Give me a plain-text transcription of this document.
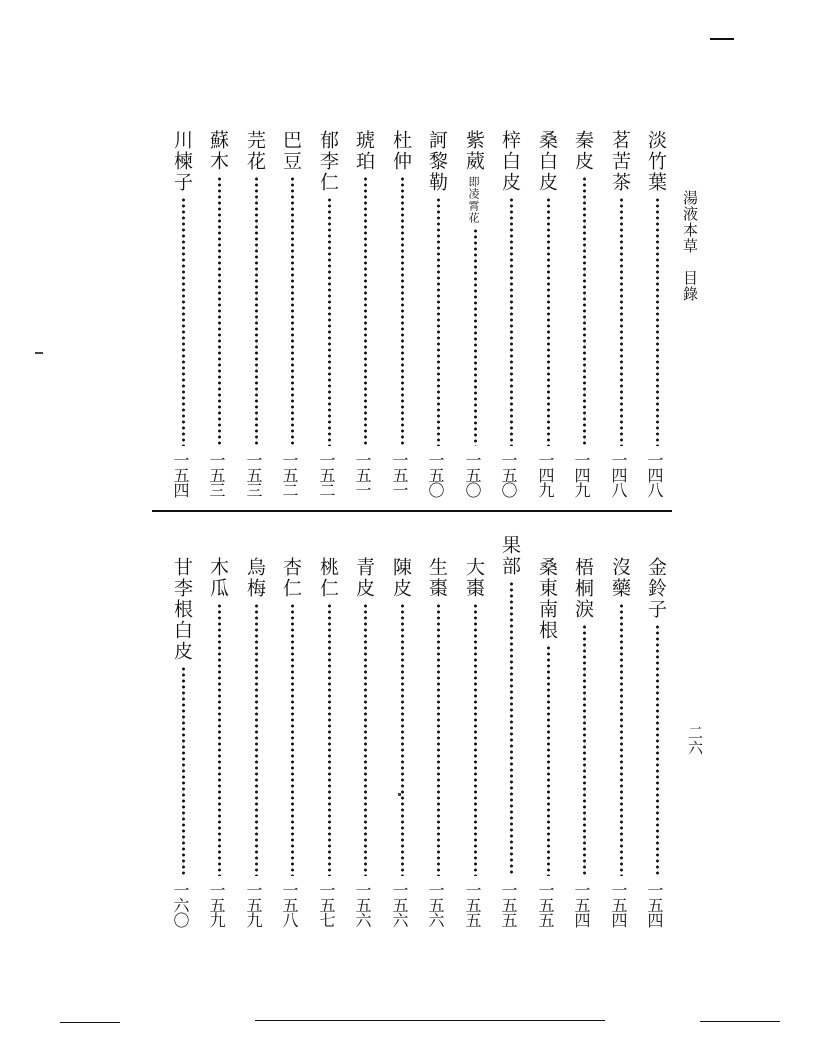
湯液本草　目錄
二六
淡竹葉
一四八
茗苦茶
一四八
秦皮
一四九
桑白皮
一四九
梓白皮
一五〇
紫葳
即凌霄花
一五〇
訶黎勒
一五〇
杜仲
一五一
琥珀
一五一
郁李仁
一五二
巴豆
一五二
芫花
一五三
蘇木
一五三
川楝子
一五四
金鈴子
一五四
沒藥
一五四
梧桐淚
一五四
桑東南根
一五五
果部
一五五
大棗
一五五
生棗
一五六
陳皮
一五六
青皮
一五六
桃仁
一五七
杏仁
一五八
烏梅
一五九
木瓜
一五九
甘李根白皮
一六〇
